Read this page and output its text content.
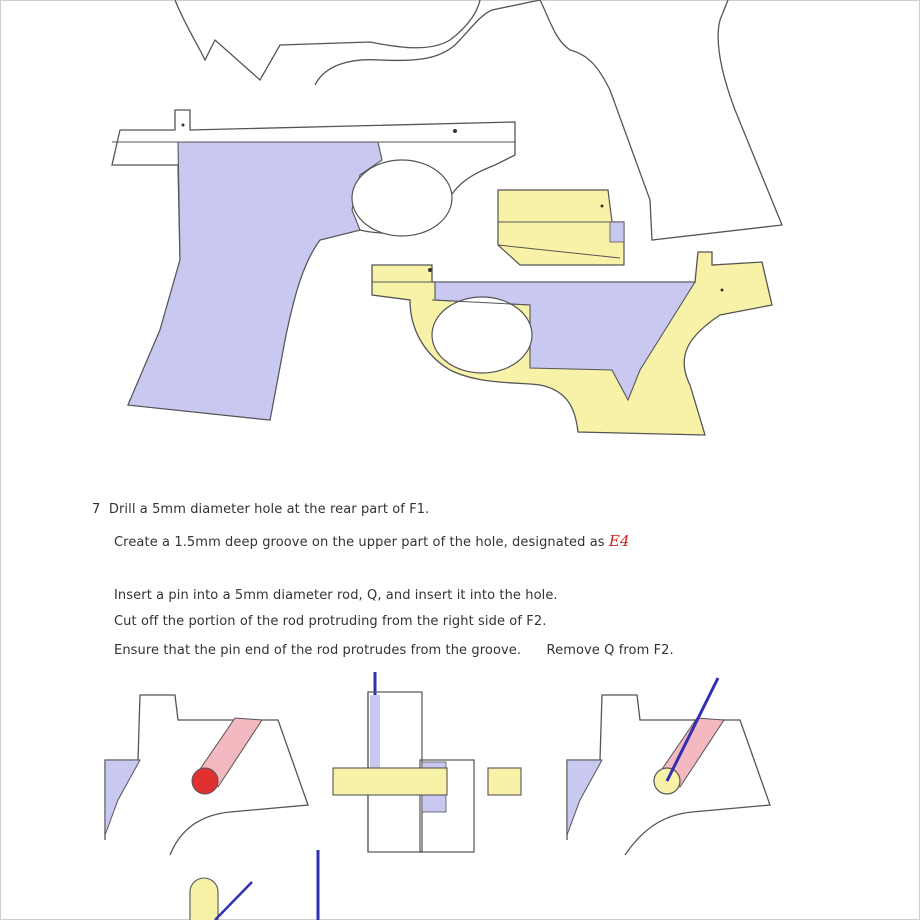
7 Drill a 5mm diameter hole at the rear part of F1.
Create a 1.5mm deep groove on the upper part of the hole, designated as E4
Insert a pin into a 5mm diameter rod, Q, and insert it into the hole.
Cut off the portion of the rod protruding from the right side of F2.
Ensure that the pin end of the rod protrudes from the groove. Remove Q from F2.
